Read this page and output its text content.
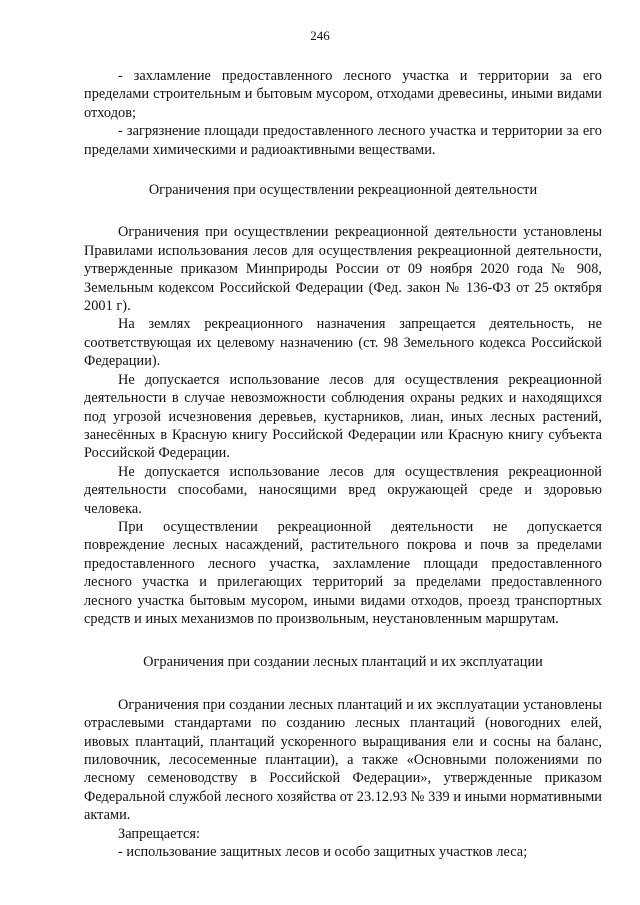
246

- захламление предоставленного лесного участка и территории за его пределами строительным и бытовым мусором, отходами древесины, иными видами отходов;

- загрязнение площади предоставленного лесного участка и территории за его пределами химическими и радиоактивными веществами.

Ограничения при осуществлении рекреационной деятельности

Ограничения при осуществлении рекреационной деятельности установлены Правилами использования лесов для осуществления рекреационной деятельности, утвержденные приказом Минприроды России от 09 ноября 2020 года № 908, Земельным кодексом Российской Федерации (Фед. закон № 136-ФЗ от 25 октября 2001 г).

На землях рекреационного назначения запрещается деятельность, не соответствующая их целевому назначению (ст. 98 Земельного кодекса Российской Федерации).

Не допускается использование лесов для осуществления рекреационной деятельности в случае невозможности соблюдения охраны редких и находящихся под угрозой исчезновения деревьев, кустарников, лиан, иных лесных растений, занесённых в Красную книгу Российской Федерации или Красную книгу субъекта Российской Федерации.

Не допускается использование лесов для осуществления рекреационной деятельности способами, наносящими вред окружающей среде и здоровью человека.

При осуществлении рекреационной деятельности не допускается повреждение лесных насаждений, растительного покрова и почв за пределами предоставленного лесного участка, захламление площади предоставленного лесного участка и прилегающих территорий за пределами предоставленного лесного участка бытовым мусором, иными видами отходов, проезд транспортных средств и иных механизмов по произвольным, неустановленным маршрутам.

Ограничения при создании лесных плантаций и их эксплуатации

Ограничения при создании лесных плантаций и их эксплуатации установлены отраслевыми стандартами по созданию лесных плантаций (новогодних елей, ивовых плантаций, плантаций ускоренного выращивания ели и сосны на баланс, пиловочник, лесосеменные плантации), а также «Основными положениями по лесному семеноводству в Российской Федерации», утвержденные приказом Федеральной службой лесного хозяйства от 23.12.93 № 339 и иными нормативными актами.

Запрещается:

- использование защитных лесов и особо защитных участков леса;
